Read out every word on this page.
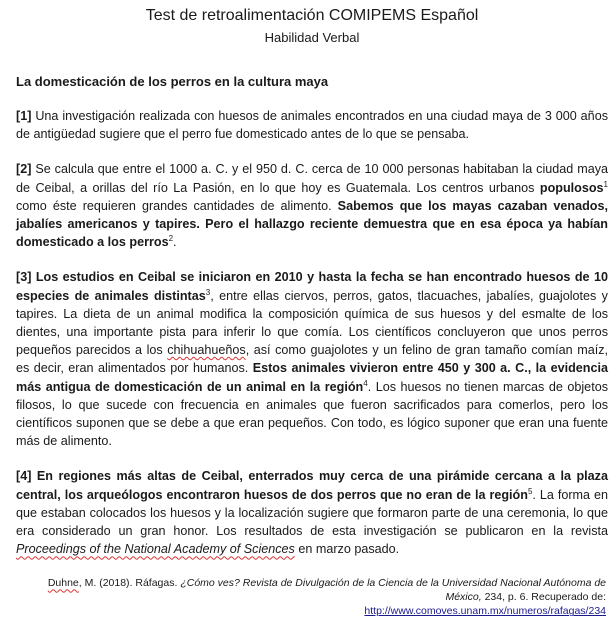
Test de retroalimentación COMIPEMS Español
Habilidad Verbal
La domesticación de los perros en la cultura maya

[1] Una investigación realizada con huesos de animales encontrados en una ciudad maya de 3 000 años de antigüedad sugiere que el perro fue domesticado antes de lo que se pensaba.

[2] Se calcula que entre el 1000 a. C. y el 950 d. C. cerca de 10 000 personas habitaban la ciudad maya de Ceibal, a orillas del río La Pasión, en lo que hoy es Guatemala. Los centros urbanos populosos$^1$ como éste requieren grandes cantidades de alimento. Sabemos que los mayas cazaban venados, jabalíes americanos y tapires. Pero el hallazgo reciente demuestra que en esa época ya habían domesticado a los perros$^2$.

[3] Los estudios en Ceibal se iniciaron en 2010 y hasta la fecha se han encontrado huesos de 10 especies de animales distintas$^3$, entre ellas ciervos, perros, gatos, tlacuaches, jabalíes, guajolotes y tapires. La dieta de un animal modifica la composición química de sus huesos y del esmalte de los dientes, una importante pista para inferir lo que comía. Los científicos concluyeron que unos perros pequeños parecidos a los chihuahueños, así como guajolotes y un felino de gran tamaño comían maíz, es decir, eran alimentados por humanos. Estos animales vivieron entre 450 y 300 a. C., la evidencia más antigua de domesticación de un animal en la región$^4$. Los huesos no tienen marcas de objetos filosos, lo que sucede con frecuencia en animales que fueron sacrificados para comerlos, pero los científicos suponen que se debe a que eran pequeños. Con todo, es lógico suponer que eran una fuente más de alimento.

[4] En regiones más altas de Ceibal, enterrados muy cerca de una pirámide cercana a la plaza central, los arqueólogos encontraron huesos de dos perros que no eran de la región$^5$. La forma en que estaban colocados los huesos y la localización sugiere que formaron parte de una ceremonia, lo que era considerado un gran honor. Los resultados de esta investigación se publicaron en la revista Proceedings of the National Academy of Sciences en marzo pasado.

Duhne, M. (2018). Ráfagas. ¿Cómo ves? Revista de Divulgación de la Ciencia de la Universidad Nacional Autónoma de México, 234, p. 6. Recuperado de:
http://www.comoves.unam.mx/numeros/rafagas/234
